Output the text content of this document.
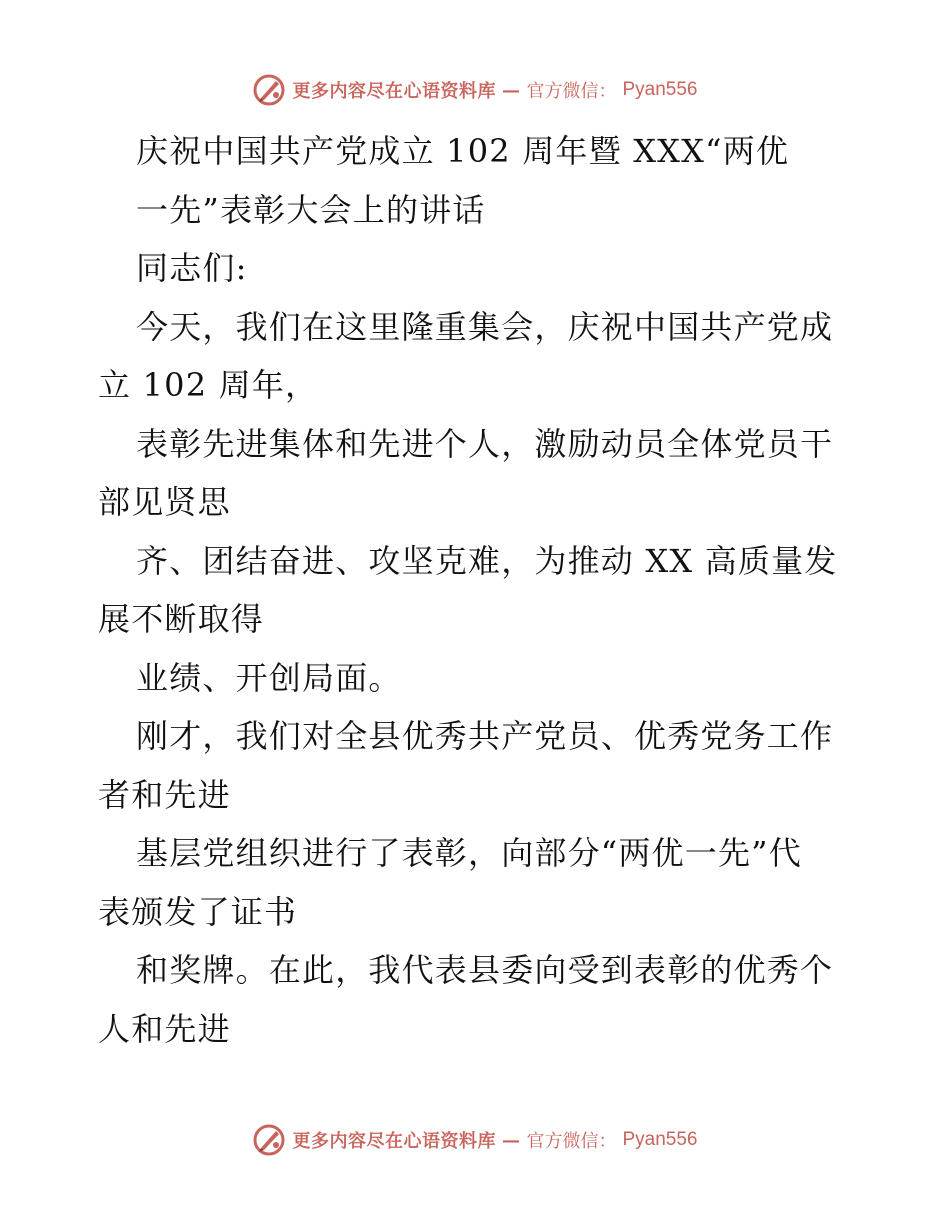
更多内容尽在心语资料库 — 官方微信： Pyan556
庆祝中国共产党成立 102 周年暨 XXX“两优
一先”表彰大会上的讲话
同志们:
今天，我们在这里隆重集会，庆祝中国共产党成
立 102 周年，
表彰先进集体和先进个人，激励动员全体党员干
部见贤思
齐、团结奋进、攻坚克难，为推动 XX 高质量发
展不断取得
业绩、开创局面。
刚才，我们对全县优秀共产党员、优秀党务工作
者和先进
基层党组织进行了表彰，向部分“两优一先”代
表颁发了证书
和奖牌。在此，我代表县委向受到表彰的优秀个
人和先进
更多内容尽在心语资料库 — 官方微信： Pyan556
